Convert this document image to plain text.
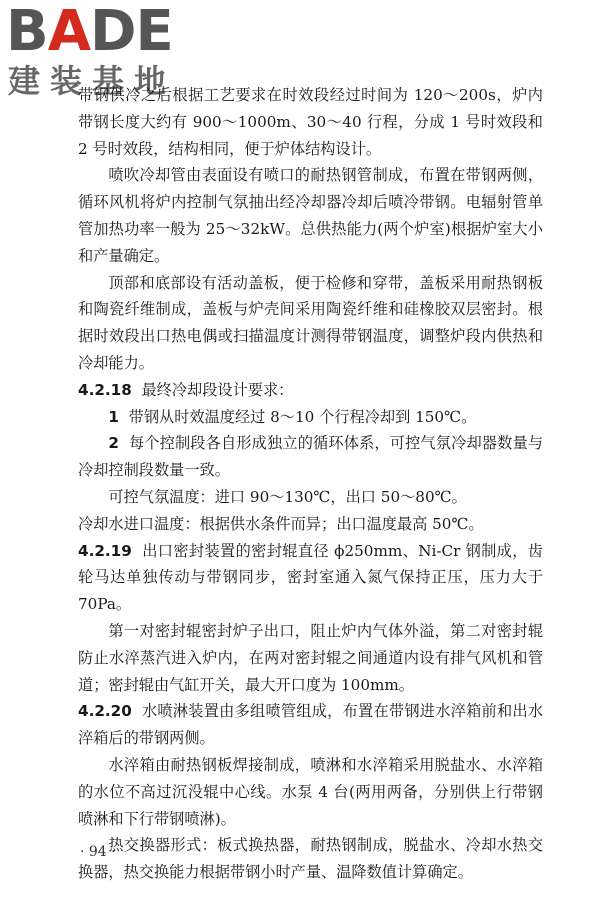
BADE
建装基地

带钢供冷之后根据工艺要求在时效段经过时间为 120～200s，炉内带钢长度大约有 900～1000m、30～40 行程，分成 1 号时效段和 2 号时效段，结构相同，便于炉体结构设计。

喷吹冷却管由表面设有喷口的耐热钢管制成，布置在带钢两侧，循环风机将炉内控制气氛抽出经冷却器冷却后喷冷带钢。电辐射管单管加热功率一般为 25～32kW。总供热能力(两个炉室)根据炉室大小和产量确定。

顶部和底部设有活动盖板，便于检修和穿带，盖板采用耐热钢板和陶瓷纤维制成，盖板与炉壳间采用陶瓷纤维和硅橡胶双层密封。根据时效段出口热电偶或扫描温度计测得带钢温度，调整炉段内供热和冷却能力。

4.2.18 最终冷却段设计要求：

1 带钢从时效温度经过 8～10 个行程冷却到 150℃。

2 每个控制段各自形成独立的循环体系，可控气氛冷却器数量与冷却控制段数量一致。

可控气氛温度：进口 90～130℃，出口 50～80℃。

冷却水进口温度：根据供水条件而异；出口温度最高 50℃。

4.2.19 出口密封装置的密封辊直径 ϕ250mm、Ni-Cr 钢制成，齿轮马达单独传动与带钢同步，密封室通入氮气保持正压，压力大于 70Pa。

第一对密封辊密封炉子出口，阻止炉内气体外溢，第二对密封辊防止水淬蒸汽进入炉内，在两对密封辊之间通道内设有排气风机和管道；密封辊由气缸开关，最大开口度为 100mm。

4.2.20 水喷淋装置由多组喷管组成，布置在带钢进水淬箱前和出水淬箱后的带钢两侧。

水淬箱由耐热钢板焊接制成，喷淋和水淬箱采用脱盐水、水淬箱的水位不高过沉没辊中心线。水泵 4 台(两用两备，分别供上行带钢喷淋和下行带钢喷淋)。

热交换器形式：板式换热器，耐热钢制成，脱盐水、冷却水热交换器，热交换能力根据带钢小时产量、温降数值计算确定。

· 94 ·
